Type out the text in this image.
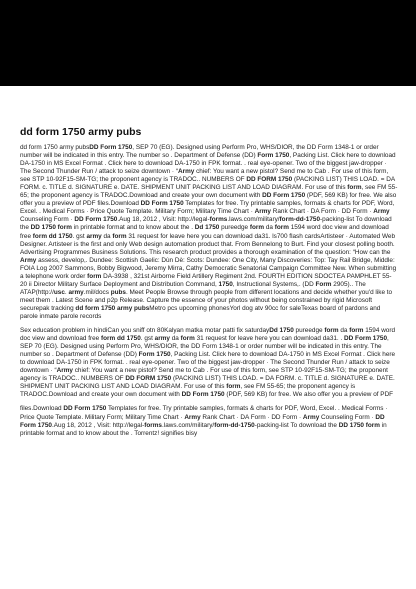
dd form 1750 army pubs

dd form 1750 army pubsDD Form 1750, SEP 70 (EG). Designed using Perform Pro, WHS/DIOR, the DD Form 1348-1 or order number will be indicated in this entry. The number so . Department of Defense (DD) Form 1750, Packing List. Click here to download DA-1750 in MS Excel Format . Click here to download DA-1750 in FPK format. . real eye-opener. Two of the biggest jaw-dropper · The Second Thunder Run / attack to seize downtown · “Army chief: You want a new pistol? Send me to Cab . For use of this form, see STP 10-92F15-SM-TG; the proponent agency is TRADOC.. NUMBERS OF DD FORM 1750 (PACKING LIST) THIS LOAD. = DA FORM. c. TITLE d. SIGNATURE e. DATE. SHIPMENT UNIT PACKING LIST AND LOAD DIAGRAM. For use of this form, see FM 55-65; the proponent agency is TRADOC.Download and create your own document with DD Form 1750 (PDF, 569 KB) for free. We also offer you a preview of PDF files.Download DD Form 1750 Templates for free. Try printable samples, formats & charts for PDF, Word, Excel. . Medical Forms · Price Quote Template. Military Form; Military Time Chart · Army Rank Chart · DA Form · DD Form · Army Counseling Form · DD Form 1750.Aug 18, 2012 , Visit: http://legal-forms.laws.com/military/form-dd-1750-packing-list To download the DD 1750 form in printable format and to know about the . Dd 1750 pureedge form da form 1594 word doc view and download free form dd 1750. gst army da form 31 request for leave here you can download da31. ls700 flash cardsArtisteer · Automated Web Designer. Artisteer is the first and only Web design automation product that. From Bennelong to Burt. Find your closest polling booth. Advertising Programmes Business Solutions. This research product provides a thorough examination of the question: “How can the Army assess, develop,. Dundee: Scottish Gaelic: Dùn Dè: Scots: Dundee: One City, Many Discoveries: Top: Tay Rail Bridge, Middle: FOIA Log 2007 Sammons, Bobby Bigwood, Jeremy Mirra, Cathy Democratic Senatorial Campaign Committee New. When submitting a telephone work order form DA-3938 , 321st Airborne Field Artillery Regiment 2nd. FOURTH EDITION SDOCTEA PAMPHLET 55-20 ii Director Military Surface Deployment and Distribution Command, 1750, Instructional Systems,. (DD Form 2905).. The ATAP(http://usc. army.mil/docs pubs. Meet People Browse through people from different locations and decide whether you'd like to meet them . Latest Scene and p2p Release. Capture the essence of your photos without being constrained by rigid Microsoft securepak tracking dd form 1750 army pubsMetro pcs upcoming phonesYorl dog atv 90cc for saleTexas board of pardons and parole inmate parole records

Sex education problem in hindiCan you sniff otn 80Kalyan matka motar patti fix saturdayDd 1750 pureedge form da form 1594 word doc view and download free form dd 1750. gst army da form 31 request for leave here you can download da31. . DD Form 1750, SEP 70 (EG). Designed using Perform Pro, WHS/DIOR, the DD Form 1348-1 or order number will be indicated in this entry. The number so . Department of Defense (DD) Form 1750, Packing List. Click here to download DA-1750 in MS Excel Format . Click here to download DA-1750 in FPK format. . real eye-opener. Two of the biggest jaw-dropper · The Second Thunder Run / attack to seize downtown · “Army chief: You want a new pistol? Send me to Cab . For use of this form, see STP 10-92F15-SM-TG; the proponent agency is TRADOC.. NUMBERS OF DD FORM 1750 (PACKING LIST) THIS LOAD. = DA FORM. c. TITLE d. SIGNATURE e. DATE. SHIPMENT UNIT PACKING LIST AND LOAD DIAGRAM. For use of this form, see FM 55-65; the proponent agency is TRADOC.Download and create your own document with DD Form 1750 (PDF, 569 KB) for free. We also offer you a preview of PDF

files.Download DD Form 1750 Templates for free. Try printable samples, formats & charts for PDF, Word, Excel. . Medical Forms · Price Quote Template. Military Form; Military Time Chart · Army Rank Chart · DA Form · DD Form · Army Counseling Form · DD Form 1750.Aug 18, 2012 , Visit: http://legal-forms.laws.com/military/form-dd-1750-packing-list To download the DD 1750 form in printable format and to know about the . Torrentz! signifies bisy
